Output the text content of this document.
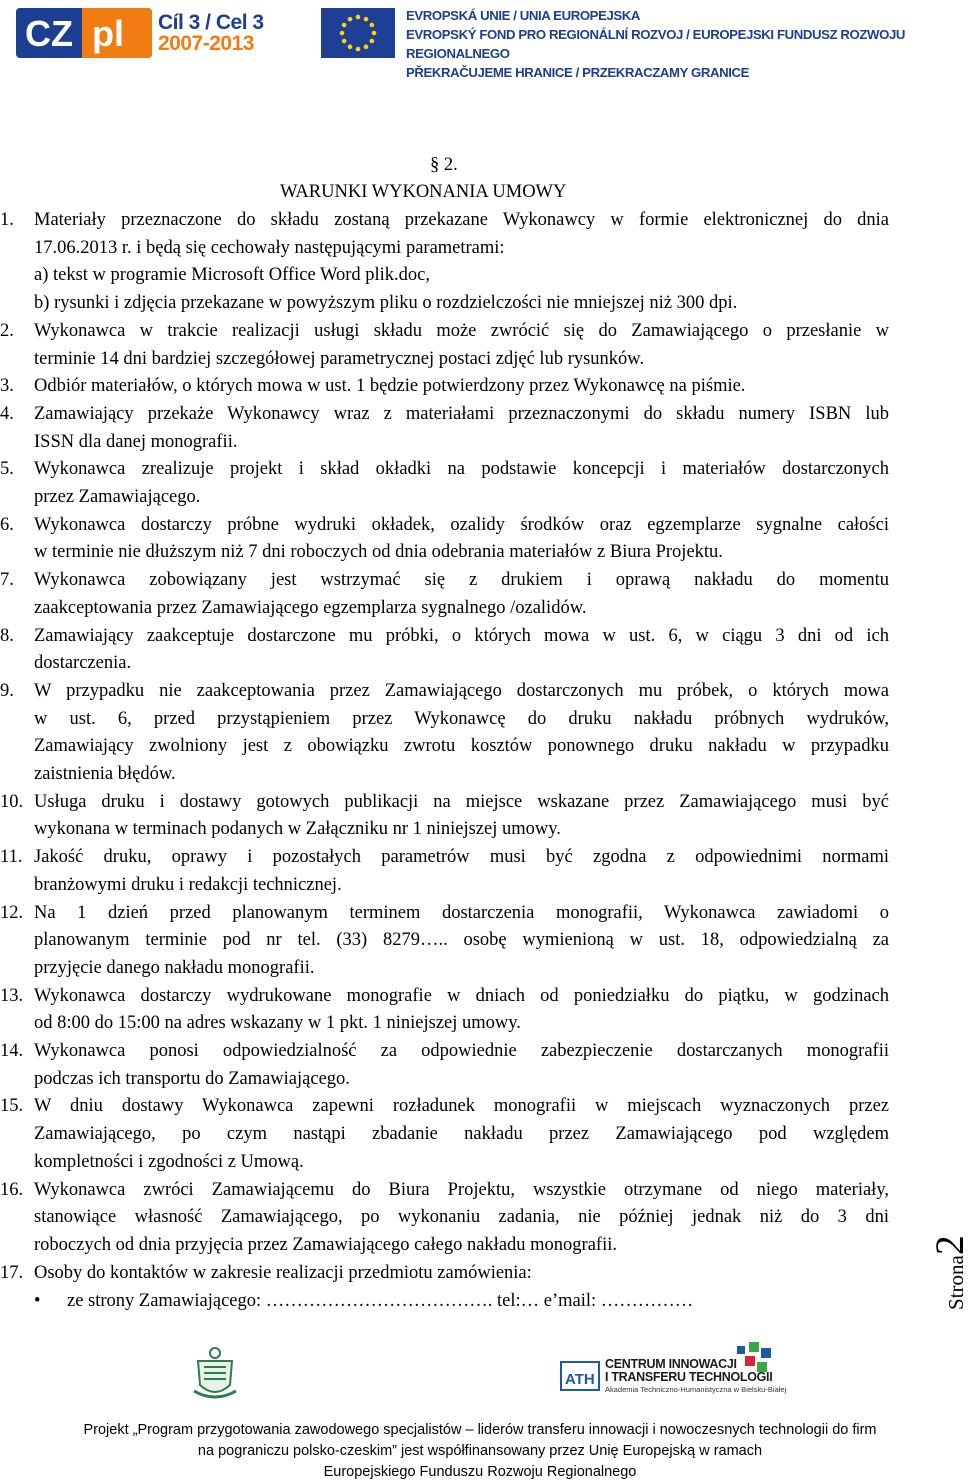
CZ pl Cíl 3 / Cel 3
2007-2013
EVROPSKÁ UNIE / UNIA EUROPEJSKA
EVROPSKÝ FOND PRO REGIONÁLNÍ ROZVOJ / EUROPEJSKI FUNDUSZ ROZWOJU REGIONALNEGO
PŘEKRAČUJEME HRANICE / PRZEKRACZAMY GRANICE
§ 2.
WARUNKI WYKONANIA UMOWY
1. Materiały przeznaczone do składu zostaną przekazane Wykonawcy w formie elektronicznej do dnia
17.06.2013 r. i będą się cechowały następującymi parametrami:
a) tekst w programie Microsoft Office Word plik.doc,
b) rysunki i zdjęcia przekazane w powyższym pliku o rozdzielczości nie mniejszej niż 300 dpi.
2. Wykonawca w trakcie realizacji usługi składu może zwrócić się do Zamawiającego o przesłanie w
terminie 14 dni bardziej szczegółowej parametrycznej postaci zdjęć lub rysunków.
3. Odbiór materiałów, o których mowa w ust. 1 będzie potwierdzony przez Wykonawcę na piśmie.
4. Zamawiający przekaże Wykonawcy wraz z materiałami przeznaczonymi do składu numery ISBN lub
ISSN dla danej monografii.
5. Wykonawca zrealizuje projekt i skład okładki na podstawie koncepcji i materiałów dostarczonych
przez Zamawiającego.
6. Wykonawca dostarczy próbne wydruki okładek, ozalidy środków oraz egzemplarze sygnalne całości
w terminie nie dłuższym niż 7 dni roboczych od dnia odebrania materiałów z Biura Projektu.
7. Wykonawca zobowiązany jest wstrzymać się z drukiem i oprawą nakładu do momentu
zaakceptowania przez Zamawiającego egzemplarza sygnalnego /ozalidów.
8. Zamawiający zaakceptuje dostarczone mu próbki, o których mowa w ust. 6, w ciągu 3 dni od ich
dostarczenia.
9. W przypadku nie zaakceptowania przez Zamawiającego dostarczonych mu próbek, o których mowa
w ust. 6, przed przystąpieniem przez Wykonawcę do druku nakładu próbnych wydruków,
Zamawiający zwolniony jest z obowiązku zwrotu kosztów ponownego druku nakładu w przypadku
zaistnienia błędów.
10. Usługa druku i dostawy gotowych publikacji na miejsce wskazane przez Zamawiającego musi być
wykonana w terminach podanych w Załączniku nr 1 niniejszej umowy.
11. Jakość druku, oprawy i pozostałych parametrów musi być zgodna z odpowiednimi normami
branżowymi druku i redakcji technicznej.
12. Na 1 dzień przed planowanym terminem dostarczenia monografii, Wykonawca zawiadomi o
planowanym terminie pod nr tel. (33) 8279….. osobę wymienioną w ust. 18, odpowiedzialną za
przyjęcie danego nakładu monografii.
13. Wykonawca dostarczy wydrukowane monografie w dniach od poniedziałku do piątku, w godzinach
od 8:00 do 15:00 na adres wskazany w 1 pkt. 1 niniejszej umowy.
14. Wykonawca ponosi odpowiedzialność za odpowiednie zabezpieczenie dostarczanych monografii
podczas ich transportu do Zamawiającego.
15. W dniu dostawy Wykonawca zapewni rozładunek monografii w miejscach wyznaczonych przez
Zamawiającego, po czym nastąpi zbadanie nakładu przez Zamawiającego pod względem
kompletności i zgodności z Umową.
16. Wykonawca zwróci Zamawiającemu do Biura Projektu, wszystkie otrzymane od niego materiały,
stanowiące własność Zamawiającego, po wykonaniu zadania, nie później jednak niż do 3 dni
roboczych od dnia przyjęcia przez Zamawiającego całego nakładu monografii.
17. Osoby do kontaktów w zakresie realizacji przedmiotu zamówienia:
• ze strony Zamawiającego: ………………………………. tel:… e’mail: ……………	Strona2
ATH
CENTRUM INNOWACJI
I TRANSFERU TECHNOLOGII
Akademia Techniczno-Humanistyczna w Bielsku-Białej
Projekt „Program przygotowania zawodowego specjalistów – liderów transferu innowacji i nowoczesnych technologii do firm
na pograniczu polsko-czeskim” jest współfinansowany przez Unię Europejską w ramach
Europejskiego Funduszu Rozwoju Regionalnego
